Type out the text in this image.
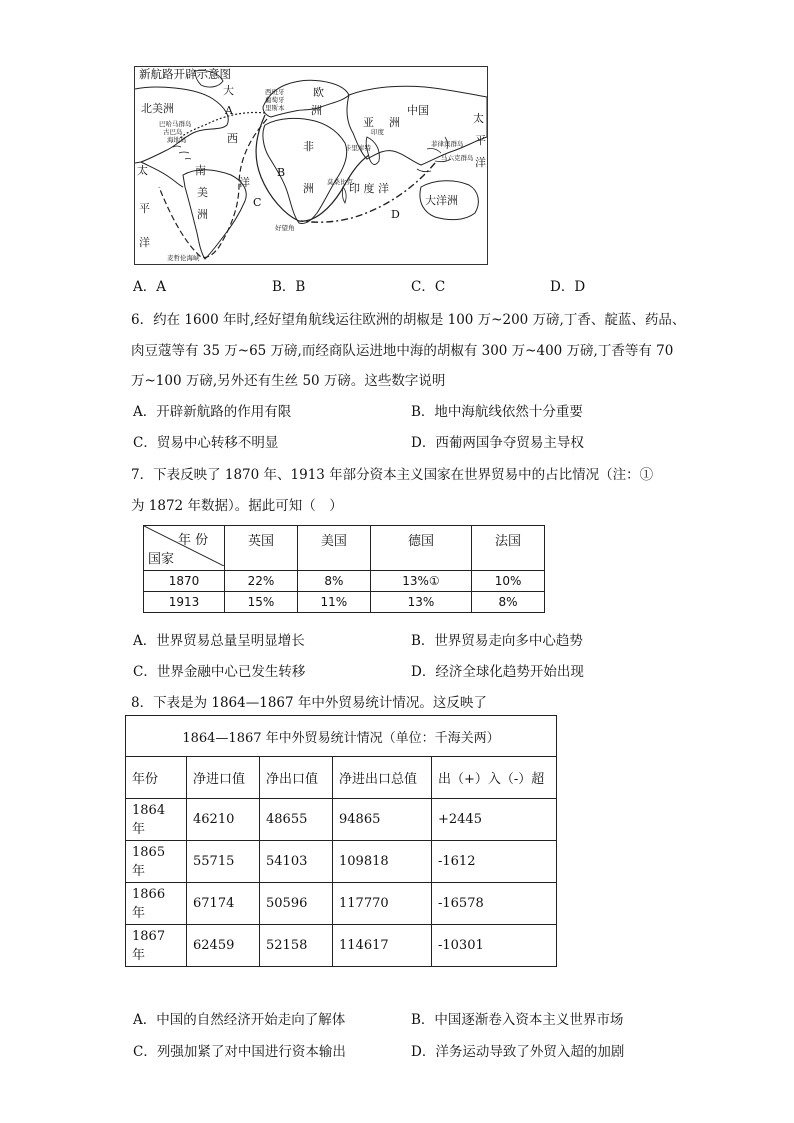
新航路开辟示意图
北美洲
欧
洲
亚 洲
非
洲
南
美
洲
大
西
洋
太
平
洋
太
平
洋
印 度 洋
大洋洲
中国
A
B
C
D
西班牙
葡萄牙
里斯本
巴哈马群岛
古巴岛
海地岛	菲律宾群岛
马六克群岛
卡里库特
印度
莫桑比克
好望角
麦哲伦海峡
A．A	B．B	C．C	D．D
6．约在 1600 年时,经好望角航线运往欧洲的胡椒是 100 万~200 万磅,丁香、靛蓝、药品、
肉豆蔻等有 35 万~65 万磅,而经商队运进地中海的胡椒有 300 万~400 万磅,丁香等有 70
万~100 万磅,另外还有生丝 50 万磅。这些数字说明
A．开辟新航路的作用有限	B．地中海航线依然十分重要
C．贸易中心转移不明显	D．西葡两国争夺贸易主导权
7．下表反映了 1870 年、1913 年部分资本主义国家在世界贸易中的占比情况（注：①
为 1872 年数据）。据此可知（　）
年 份
国家	英国	美国	德国	法国
1870	22%	8%	13%①	10%
1913	15%	11%	13%	8%
A．世界贸易总量呈明显增长	B．世界贸易走向多中心趋势
C．世界金融中心已发生转移	D．经济全球化趋势开始出现
8．下表是为 1864—1867 年中外贸易统计情况。这反映了
1864—1867 年中外贸易统计情况（单位：千海关两）				
年份	净进口值	净出口值	净进出口总值	出（+）入（-）超
1864 年	46210	48655	94865	+2445
1865 年	55715	54103	109818	-1612
1866 年	67174	50596	117770	-16578
1867 年	62459	52158	114617	-10301
A．中国的自然经济开始走向了解体	B．中国逐渐卷入资本主义世界市场
C．列强加紧了对中国进行资本输出	D．洋务运动导致了外贸入超的加剧
